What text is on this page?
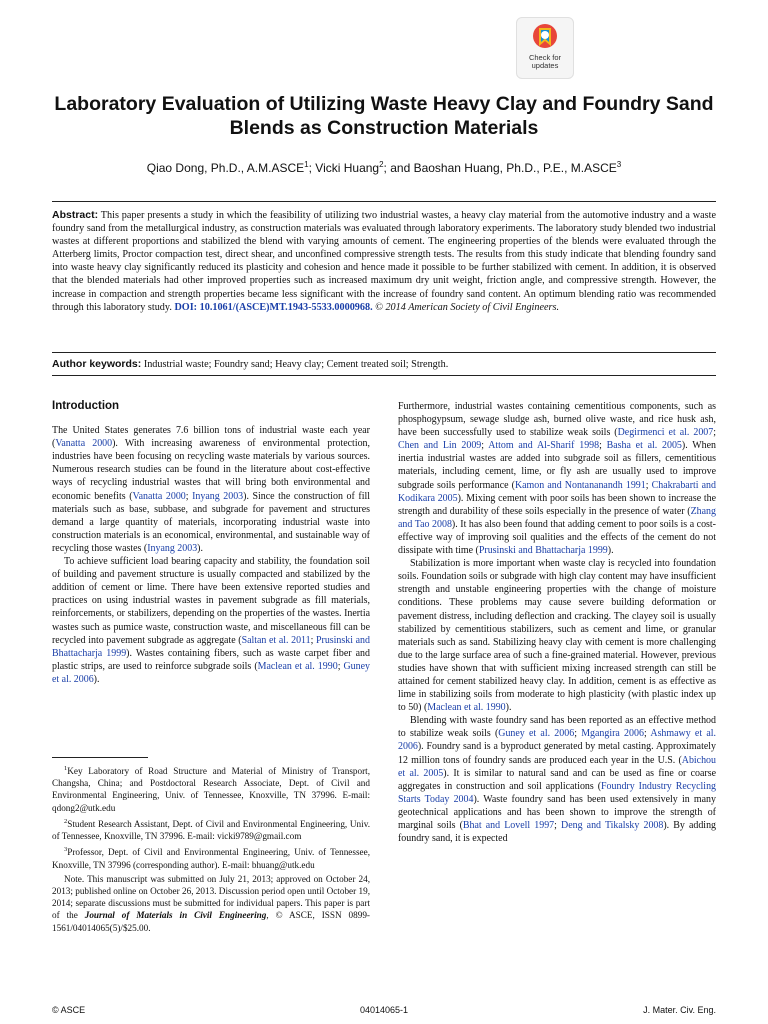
Check for
updates
Laboratory Evaluation of Utilizing Waste Heavy Clay and Foundry Sand Blends as Construction Materials
Qiao Dong, Ph.D., A.M.ASCE$^1$; Vicki Huang$^2$; and Baoshan Huang, Ph.D., P.E., M.ASCE$^3$
Abstract: This paper presents a study in which the feasibility of utilizing two industrial wastes, a heavy clay material from the automotive industry and a waste foundry sand from the metallurgical industry, as construction materials was evaluated through laboratory experiments. The laboratory study blended two industrial wastes at different proportions and stabilized the blend with varying amounts of cement. The engineering properties of the blends were evaluated through the Atterberg limits, Proctor compaction test, direct shear, and unconfined compressive strength tests. The results from this study indicate that blending foundry sand into waste heavy clay significantly reduced its plasticity and cohesion and hence made it possible to be further stabilized with cement. In addition, it is observed that the blended materials had other improved properties such as increased maximum dry unit weight, friction angle, and compressive strength. However, the increase in compaction and strength properties became less significant with the increase of foundry sand content. An optimum blending ratio was recommended through this laboratory study. DOI: 10.1061/(ASCE)MT.1943-5533.0000968. © 2014 American Society of Civil Engineers.
Author keywords: Industrial waste; Foundry sand; Heavy clay; Cement treated soil; Strength.
Introduction

The United States generates 7.6 billion tons of industrial waste each year (Vanatta 2000). With increasing awareness of environmental protection, industries have been focusing on recycling waste materials by various sources. Numerous research studies can be found in the literature about cost-effective ways of recycling industrial wastes that will bring both environmental and economic benefits (Vanatta 2000; Inyang 2003). Since the construction of fill materials such as base, subbase, and subgrade for pavement and structures demand a large quantity of materials, incorporating industrial waste into construction materials is an economical, environmental, and sustainable way of recycling those wastes (Inyang 2003).

To achieve sufficient load bearing capacity and stability, the foundation soil of building and pavement structure is usually compacted and stabilized by the addition of cement or lime. There have been extensive reported studies and practices on using industrial wastes in pavement subgrade as fill materials, reinforcements, or stabilizers, depending on the properties of the wastes. Inertia wastes such as pumice waste, construction waste, and miscellaneous fill can be recycled into pavement subgrade as aggregate (Saltan et al. 2011; Prusinski and Bhattacharja 1999). Wastes containing fibers, such as waste carpet fiber and plastic strips, are used to reinforce subgrade soils (Maclean et al. 1990; Guney et al. 2006).

$^1$Key Laboratory of Road Structure and Material of Ministry of Transport, Changsha, China; and Postdoctoral Research Associate, Dept. of Civil and Environmental Engineering, Univ. of Tennessee, Knoxville, TN 37996. E-mail: qdong2@utk.edu

$^2$Student Research Assistant, Dept. of Civil and Environmental Engineering, Univ. of Tennessee, Knoxville, TN 37996. E-mail: vicki9789@gmail.com

$^3$Professor, Dept. of Civil and Environmental Engineering, Univ. of Tennessee, Knoxville, TN 37996 (corresponding author). E-mail: bhuang@utk.edu

Note. This manuscript was submitted on July 21, 2013; approved on October 24, 2013; published online on October 26, 2013. Discussion period open until October 19, 2014; separate discussions must be submitted for individual papers. This paper is part of the Journal of Materials in Civil Engineering, © ASCE, ISSN 0899-1561/04014065(5)/$25.00.

Furthermore, industrial wastes containing cementitious components, such as phosphogypsum, sewage sludge ash, burned olive waste, and rice husk ash, have been successfully used to stabilize weak soils (Degirmenci et al. 2007; Chen and Lin 2009; Attom and Al-Sharif 1998; Basha et al. 2005). When inertia industrial wastes are added into subgrade soil as fillers, cementitious materials, including cement, lime, or fly ash are usually used to improve subgrade soils performance (Kamon and Nontananandh 1991; Chakrabarti and Kodikara 2005). Mixing cement with poor soils has been shown to increase the strength and durability of these soils especially in the presence of water (Zhang and Tao 2008). It has also been found that adding cement to poor soils is a cost-effective way of improving soil qualities and the effects of the cement do not dissipate with time (Prusinski and Bhattacharja 1999).

Stabilization is more important when waste clay is recycled into foundation soils. Foundation soils or subgrade with high clay content may have insufficient strength and unstable engineering properties with the change of moisture conditions. These problems may cause severe building deformation or pavement distress, including deflection and cracking. The clayey soil is usually stabilized by cementitious stabilizers, such as cement and lime, or granular materials such as sand. Stabilizing heavy clay with cement is more challenging due to the large surface area of such a fine-grained material. However, previous studies have shown that with sufficient mixing increased strength can still be attained for cement stabilized heavy clay. In addition, cement is as effective as lime in stabilizing soils from moderate to high plasticity (with plastic index up to 50) (Maclean et al. 1990).

Blending with waste foundry sand has been reported as an effective method to stabilize weak soils (Guney et al. 2006; Mgangira 2006; Ashmawy et al. 2006). Foundry sand is a byproduct generated by metal casting. Approximately 12 million tons of foundry sands are produced each year in the U.S. (Abichou et al. 2005). It is similar to natural sand and can be used as fine or coarse aggregates in construction and soil applications (Foundry Industry Recycling Starts Today 2004). Waste foundry sand has been used extensively in many geotechnical applications and has been shown to improve the strength of marginal soils (Bhat and Lovell 1997; Deng and Tikalsky 2008). By adding foundry sand, it is expected

© ASCE	04014065-1	J. Mater. Civ. Eng.
